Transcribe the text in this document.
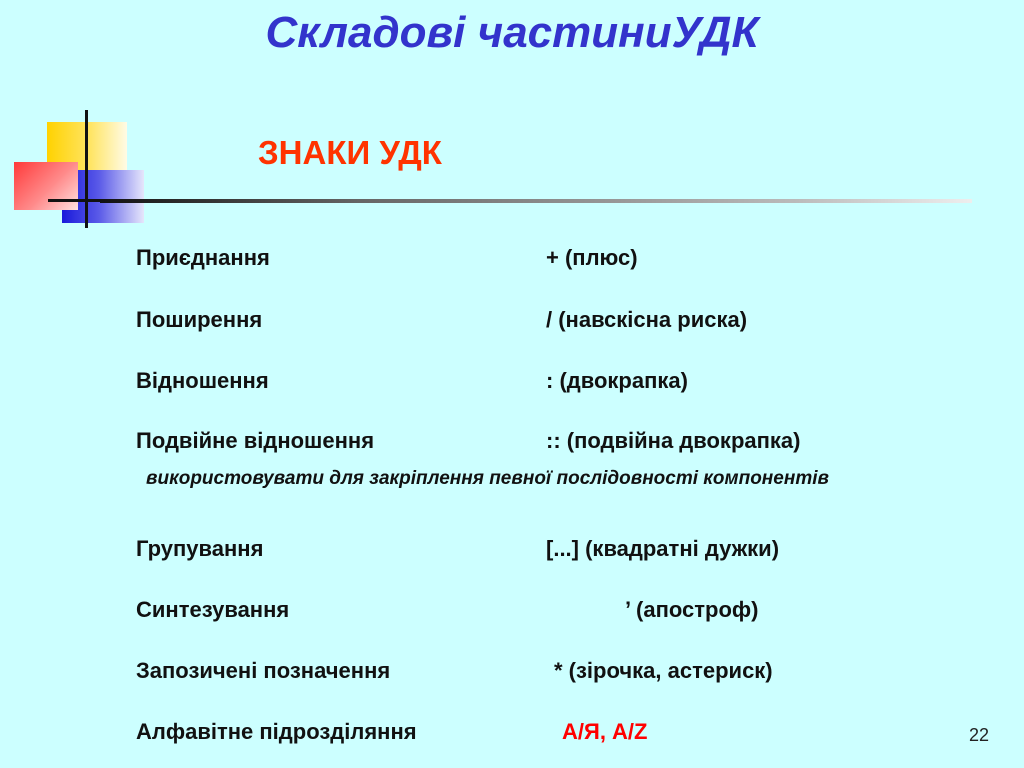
Складові частиниУДК
ЗНАКИ УДК
Приєднання	+ (плюс)
Поширення	/ (навскісна риска)
Відношення	: (двокрапка)
Подвійне відношення	:: (подвійна двокрапка)
використовувати для закріплення певної послідовності компонентів
Групування	[...] (квадратні дужки)
Синтезування	’ (апостроф)
Запозичені позначення	* (зірочка, астериск)
Алфавітне підрозділяння	А/Я, A/Z	22
